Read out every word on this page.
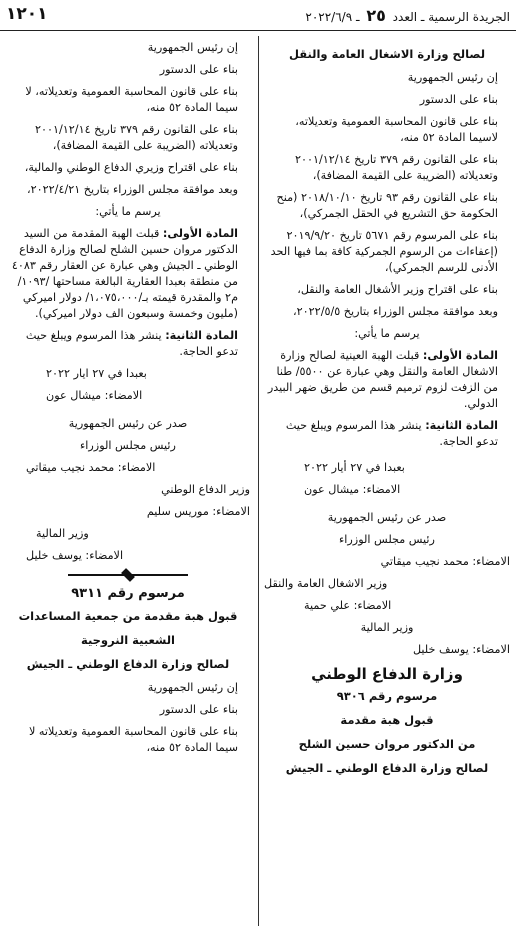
١٢٠١	الجريدة الرسمية ـ العدد ٢٥ ـ ٢٠٢٢/٦/٩
لصالح وزارة الاشغال العامة والنقل
إن رئيس الجمهورية
بناء على الدستور
بناء على قانون المحاسبة العمومية وتعديلاته، لاسيما المادة ٥٢ منه،
بناء على القانون رقم ٣٧٩ تاريخ ٢٠٠١/١٢/١٤ وتعديلاته (الضريبة على القيمة المضافة)،
بناء على القانون رقم ٩٣ تاريخ ٢٠١٨/١٠/١٠ (منح الحكومة حق التشريع في الحقل الجمركي)،
بناء على المرسوم رقم ٥٦٧١ تاريخ ٢٠١٩/٩/٢٠ (إعفاءات من الرسوم الجمركية كافة بما فيها الحد الأدنى للرسم الجمركي)،
بناء على اقتراح وزير الأشغال العامة والنقل،
وبعد موافقة مجلس الوزراء بتاريخ ٢٠٢٢/٥/٥،
يرسم ما يأتي:
المادة الأولى: قبلت الهبة العينية لصالح وزارة الاشغال العامة والنقل وهي عبارة عن ٥٥٠٠/ طنا من الزفت لزوم ترميم قسم من طريق ضهر البيدر الدولي.
المادة الثانية: ينشر هذا المرسوم ويبلغ حيث تدعو الحاجة.
بعبدا في ٢٧ أيار ٢٠٢٢
الامضاء: ميشال عون
صدر عن رئيس الجمهورية
رئيس مجلس الوزراء
الامضاء: محمد نجيب ميقاتي
وزير الاشغال العامة والنقل
الامضاء: علي حمية
وزير المالية
الامضاء: يوسف خليل
وزارة الدفاع الوطني
مرسوم رقم ٩٣٠٦
قبول هبة مقدمة
من الدكتور مروان حسين الشلح
لصالح وزارة الدفاع الوطني ـ الجيش
إن رئيس الجمهورية
بناء على الدستور
بناء على قانون المحاسبة العمومية وتعديلاته، لا سيما المادة ٥٢ منه،
بناء على القانون رقم ٣٧٩ تاريخ ٢٠٠١/١٢/١٤ وتعديلاته (الضريبة على القيمة المضافة)،
بناء على اقتراح وزيري الدفاع الوطني والمالية،
وبعد موافقة مجلس الوزراء بتاريخ ٢٠٢٢/٤/٢١،
يرسم ما يأتي:
المادة الأولى: قبلت الهبة المقدمة من السيد الدكتور مروان حسين الشلح لصالح وزارة الدفاع الوطني ـ الجيش وهي عبارة عن العقار رقم ٤٠٨٣ من منطقة بعبدا العقارية البالغة مساحتها /١٠٩٣/ م٢ والمقدرة قيمته بـ/١،٠٧٥،٠٠٠/ دولار اميركي (مليون وخمسة وسبعون الف دولار اميركي).
المادة الثانية: ينشر هذا المرسوم ويبلغ حيث تدعو الحاجة.
بعبدا في ٢٧ ايار ٢٠٢٢
الامضاء: ميشال عون
صدر عن رئيس الجمهورية
رئيس مجلس الوزراء
الامضاء: محمد نجيب ميقاتي
وزير الدفاع الوطني
الامضاء: موريس سليم
وزير المالية
الامضاء: يوسف خليل
مرسوم رقم ٩٣١١
قبول هبة مقدمة من جمعية المساعدات
الشعبية النروجية
لصالح وزارة الدفاع الوطني ـ الجيش
إن رئيس الجمهورية
بناء على الدستور
بناء على قانون المحاسبة العمومية وتعديلاته لا سيما المادة ٥٢ منه،
